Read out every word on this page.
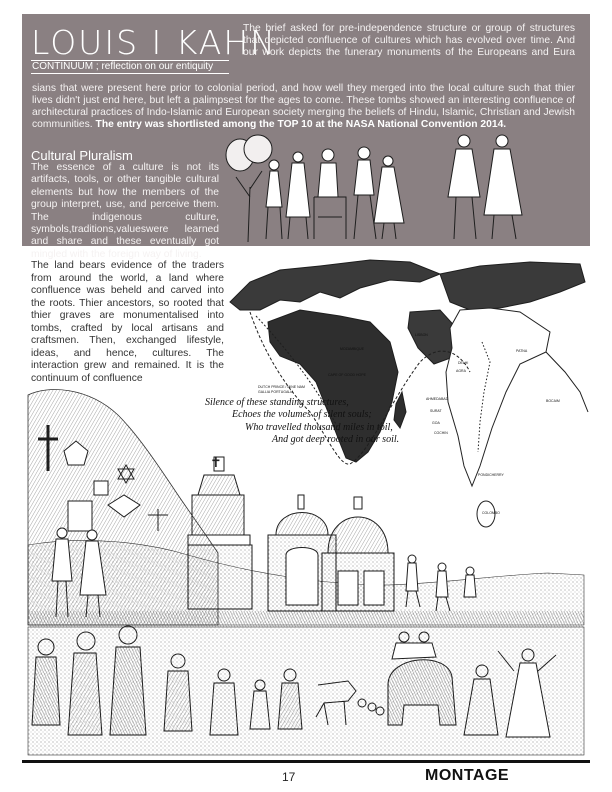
LOUIS I KAHN
CONTINUUM ; reflection on our entiquity
The brief asked for pre-independence structure or group of structures that depicted confluence of cultures which has evolved over time. And our work depicts the funerary monuments of the Europeans and Eura
sians that were present here prior to colonial period, and how well they merged into the local culture such that thier lives didn't just end here, but left a palimpsest for the ages to come. These tombs showed an interesting confluence of architectural practices of Indo-Islamic and European society merging the beliefs of Hindu, Islamic, Christian and Jewish communities. The entry was shortlisted among the TOP 10 at the NASA National Convention 2014.
Cultural Pluralism
The essence of a culture is not its artifacts, tools, or other tangible cultural elements but how the members of the group interpret, use, and perceive them. The indigenous culture, symbols,traditions,valueswere learned and share and these eventually got mingled with the foreign way of living.
The land bears evidence of the traders from around the world, a land where confluence was beheld and carved into the roots. Thier ancestors, so rooted that thier graves are monumentalised into tombs, crafted by local artisans and craftsmen. Then, exchanged lifestyle, ideas, and hence, cultures. The interaction grew and remained. It is the continuum of confluence
DUTCH PRINCE / MINE NAM
GALLIA PORTUGALIA
CAPE OF GOOD HOPE
MOZAMBIQUE
LISBON
DELHI
AGRA
PATNA
AHMEDABAD
SURAT
GOA
COCHIN
PONDICHERRY
COLOMBO
BOCAIM
Silence of these standing structures,
Echoes the volumes of silent souls;
Who travelled thousand miles in toil,
And got deep rooted in our soil.
✝
17	MONTAGE
